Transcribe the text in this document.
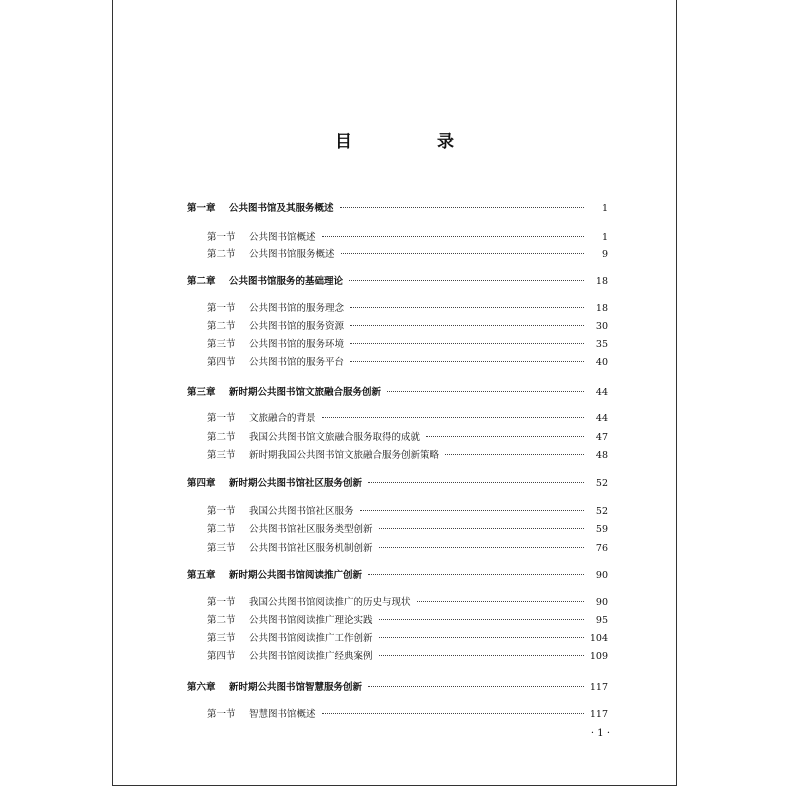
目　录
第一章	公共图书馆及其服务概述	1
第一节	公共图书馆概述	1
第二节	公共图书馆服务概述	9
第二章	公共图书馆服务的基础理论	18
第一节	公共图书馆的服务理念	18
第二节	公共图书馆的服务资源	30
第三节	公共图书馆的服务环境	35
第四节	公共图书馆的服务平台	40
第三章	新时期公共图书馆文旅融合服务创新	44
第一节	文旅融合的背景	44
第二节	我国公共图书馆文旅融合服务取得的成就	47
第三节	新时期我国公共图书馆文旅融合服务创新策略	48
第四章	新时期公共图书馆社区服务创新	52
第一节	我国公共图书馆社区服务	52
第二节	公共图书馆社区服务类型创新	59
第三节	公共图书馆社区服务机制创新	76
第五章	新时期公共图书馆阅读推广创新	90
第一节	我国公共图书馆阅读推广的历史与现状	90
第二节	公共图书馆阅读推广理论实践	95
第三节	公共图书馆阅读推广工作创新	104
第四节	公共图书馆阅读推广经典案例	109
第六章	新时期公共图书馆智慧服务创新	117
第一节	智慧图书馆概述	117
· 1 ·
